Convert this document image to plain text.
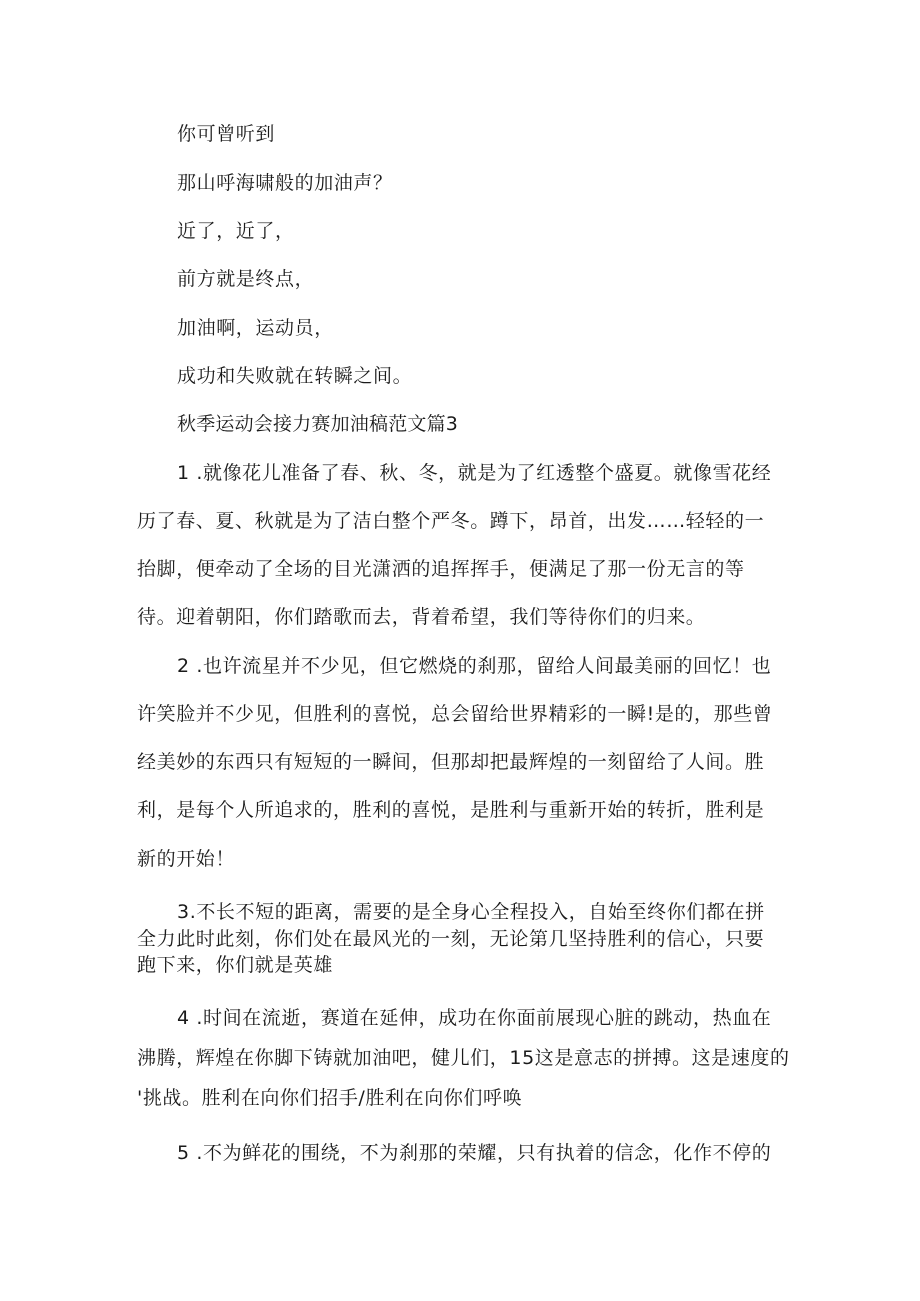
你可曾听到

那山呼海啸般的加油声？

近了，近了，

前方就是终点，

加油啊，运动员，

成功和失败就在转瞬之间。

秋季运动会接力赛加油稿范文篇3

1 .就像花儿准备了春、秋、冬，就是为了红透整个盛夏。就像雪花经

历了春、夏、秋就是为了洁白整个严冬。蹲下，昂首，出发……轻轻的一

抬脚，便牵动了全场的目光潇洒的追挥挥手，便满足了那一份无言的等

待。迎着朝阳，你们踏歌而去，背着希望，我们等待你们的归来。

2 .也许流星并不少见，但它燃烧的刹那，留给人间最美丽的回忆！也

许笑脸并不少见，但胜利的喜悦，总会留给世界精彩的一瞬!是的，那些曾

经美妙的东西只有短短的一瞬间，但那却把最辉煌的一刻留给了人间。胜

利，是每个人所追求的，胜利的喜悦，是胜利与重新开始的转折，胜利是

新的开始！

3.不长不短的距离，需要的是全身心全程投入，自始至终你们都在拼

全力此时此刻，你们处在最风光的一刻，无论第几坚持胜利的信心，只要

跑下来，你们就是英雄

4 .时间在流逝，赛道在延伸，成功在你面前展现心脏的跳动，热血在

沸腾，辉煌在你脚下铸就加油吧，健儿们，15这是意志的拼搏。这是速度的

'挑战。胜利在向你们招手/胜利在向你们呼唤

5 .不为鲜花的围绕，不为刹那的荣耀，只有执着的信念，化作不停的
